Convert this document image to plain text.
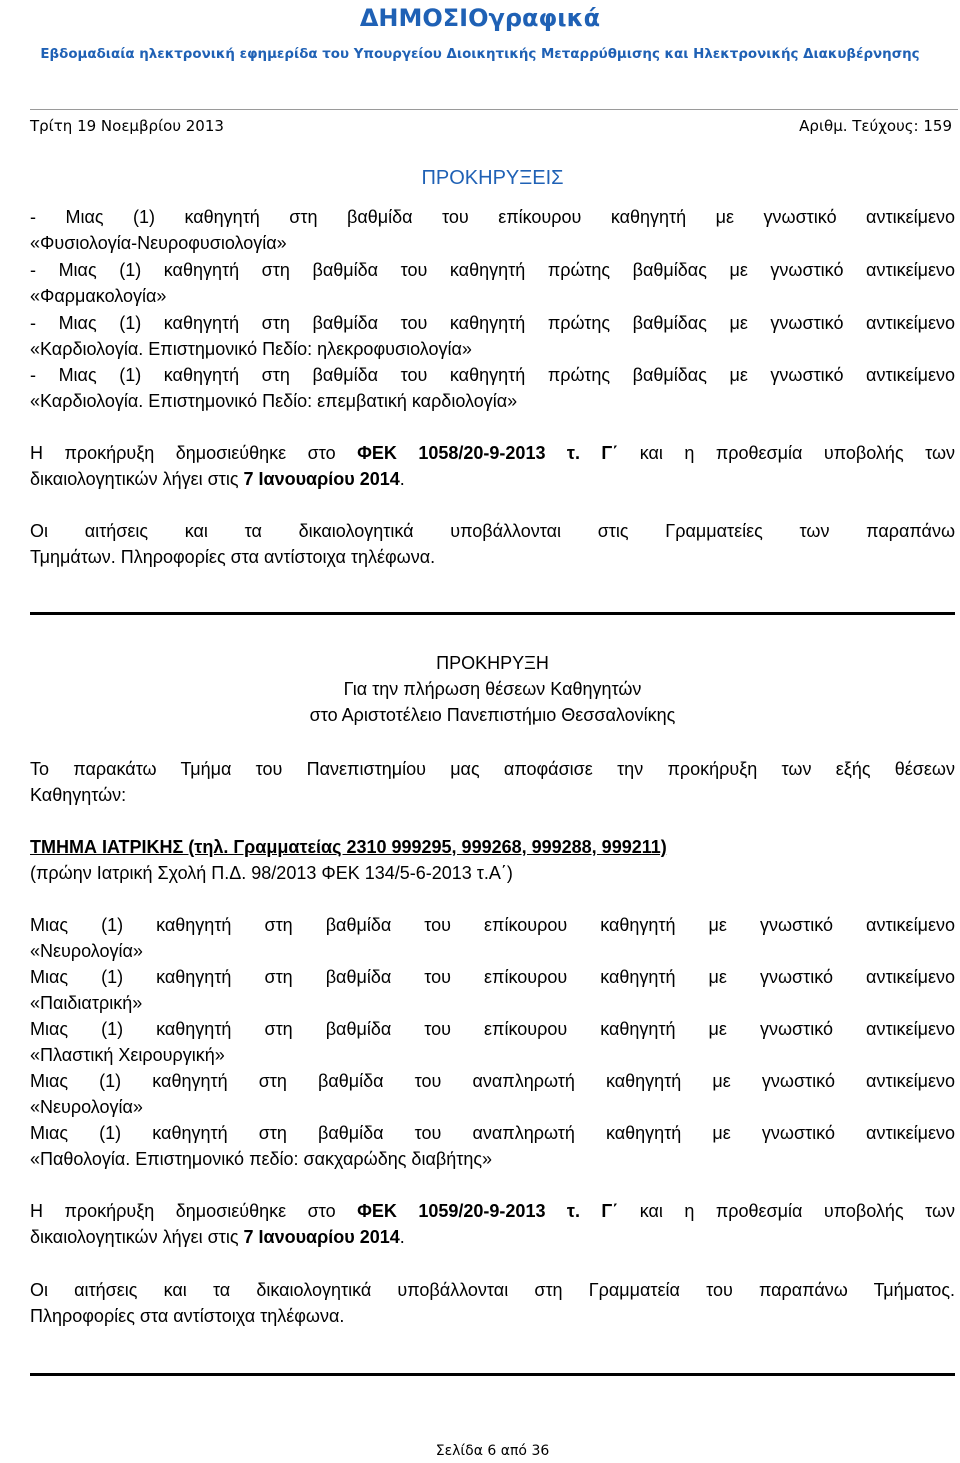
ΔΗΜΟΣΙΟγραφικά
Εβδομαδιαία ηλεκτρονική εφημερίδα του Υπουργείου Διοικητικής Μεταρρύθμισης και Ηλεκτρονικής Διακυβέρνησης
Τρίτη 19 Νοεμβρίου 2013	Αριθμ. Τεύχους: 159
ΠΡΟΚΗΡΥΞΕΙΣ

- Μιας (1) καθηγητή στη βαθμίδα του επίκουρου καθηγητή με γνωστικό αντικείμενο

«Φυσιολογία-Νευροφυσιολογία»

- Μιας (1) καθηγητή στη βαθμίδα του καθηγητή πρώτης βαθμίδας με γνωστικό αντικείμενο

«Φαρμακολογία»

- Μιας (1) καθηγητή στη βαθμίδα του καθηγητή πρώτης βαθμίδας με γνωστικό αντικείμενο

«Καρδιολογία. Επιστημονικό Πεδίο: ηλεκροφυσιολογία»

- Μιας (1) καθηγητή στη βαθμίδα του καθηγητή πρώτης βαθμίδας με γνωστικό αντικείμενο

«Καρδιολογία. Επιστημονικό Πεδίο: επεμβατική καρδιολογία»

Η προκήρυξη δημοσιεύθηκε στο ΦΕΚ 1058/20-9-2013 τ. Γ΄ και η προθεσμία υποβολής των

δικαιολογητικών λήγει στις 7 Ιανουαρίου 2014.

Οι αιτήσεις και τα δικαιολογητικά υποβάλλονται στις Γραμματείες των παραπάνω

Τμημάτων. Πληροφορίες στα αντίστοιχα τηλέφωνα.

ΠΡΟΚΗΡΥΞΗ

Για την πλήρωση θέσεων Καθηγητών

στο Αριστοτέλειο Πανεπιστήμιο Θεσσαλονίκης

Το παρακάτω Τμήμα του Πανεπιστημίου μας αποφάσισε την προκήρυξη των εξής θέσεων

Καθηγητών:

ΤΜΗΜΑ ΙΑΤΡΙΚΗΣ (τηλ. Γραμματείας 2310 999295, 999268, 999288, 999211)

(πρώην Ιατρική Σχολή Π.Δ. 98/2013 ΦΕΚ 134/5-6-2013 τ.Α΄)

Μιας (1) καθηγητή στη βαθμίδα του επίκουρου καθηγητή με γνωστικό αντικείμενο

«Νευρολογία»

Μιας (1) καθηγητή στη βαθμίδα του επίκουρου καθηγητή με γνωστικό αντικείμενο

«Παιδιατρική»

Μιας (1) καθηγητή στη βαθμίδα του επίκουρου καθηγητή με γνωστικό αντικείμενο

«Πλαστική Χειρουργική»

Μιας (1) καθηγητή στη βαθμίδα του αναπληρωτή καθηγητή με γνωστικό αντικείμενο

«Νευρολογία»

Μιας (1) καθηγητή στη βαθμίδα του αναπληρωτή καθηγητή με γνωστικό αντικείμενο

«Παθολογία. Επιστημονικό πεδίο: σακχαρώδης διαβήτης»

Η προκήρυξη δημοσιεύθηκε στο ΦΕΚ 1059/20-9-2013 τ. Γ΄ και η προθεσμία υποβολής των

δικαιολογητικών λήγει στις 7 Ιανουαρίου 2014.

Οι αιτήσεις και τα δικαιολογητικά υποβάλλονται στη Γραμματεία του παραπάνω Τμήματος.

Πληροφορίες στα αντίστοιχα τηλέφωνα.

Σελίδα 6 από 36
